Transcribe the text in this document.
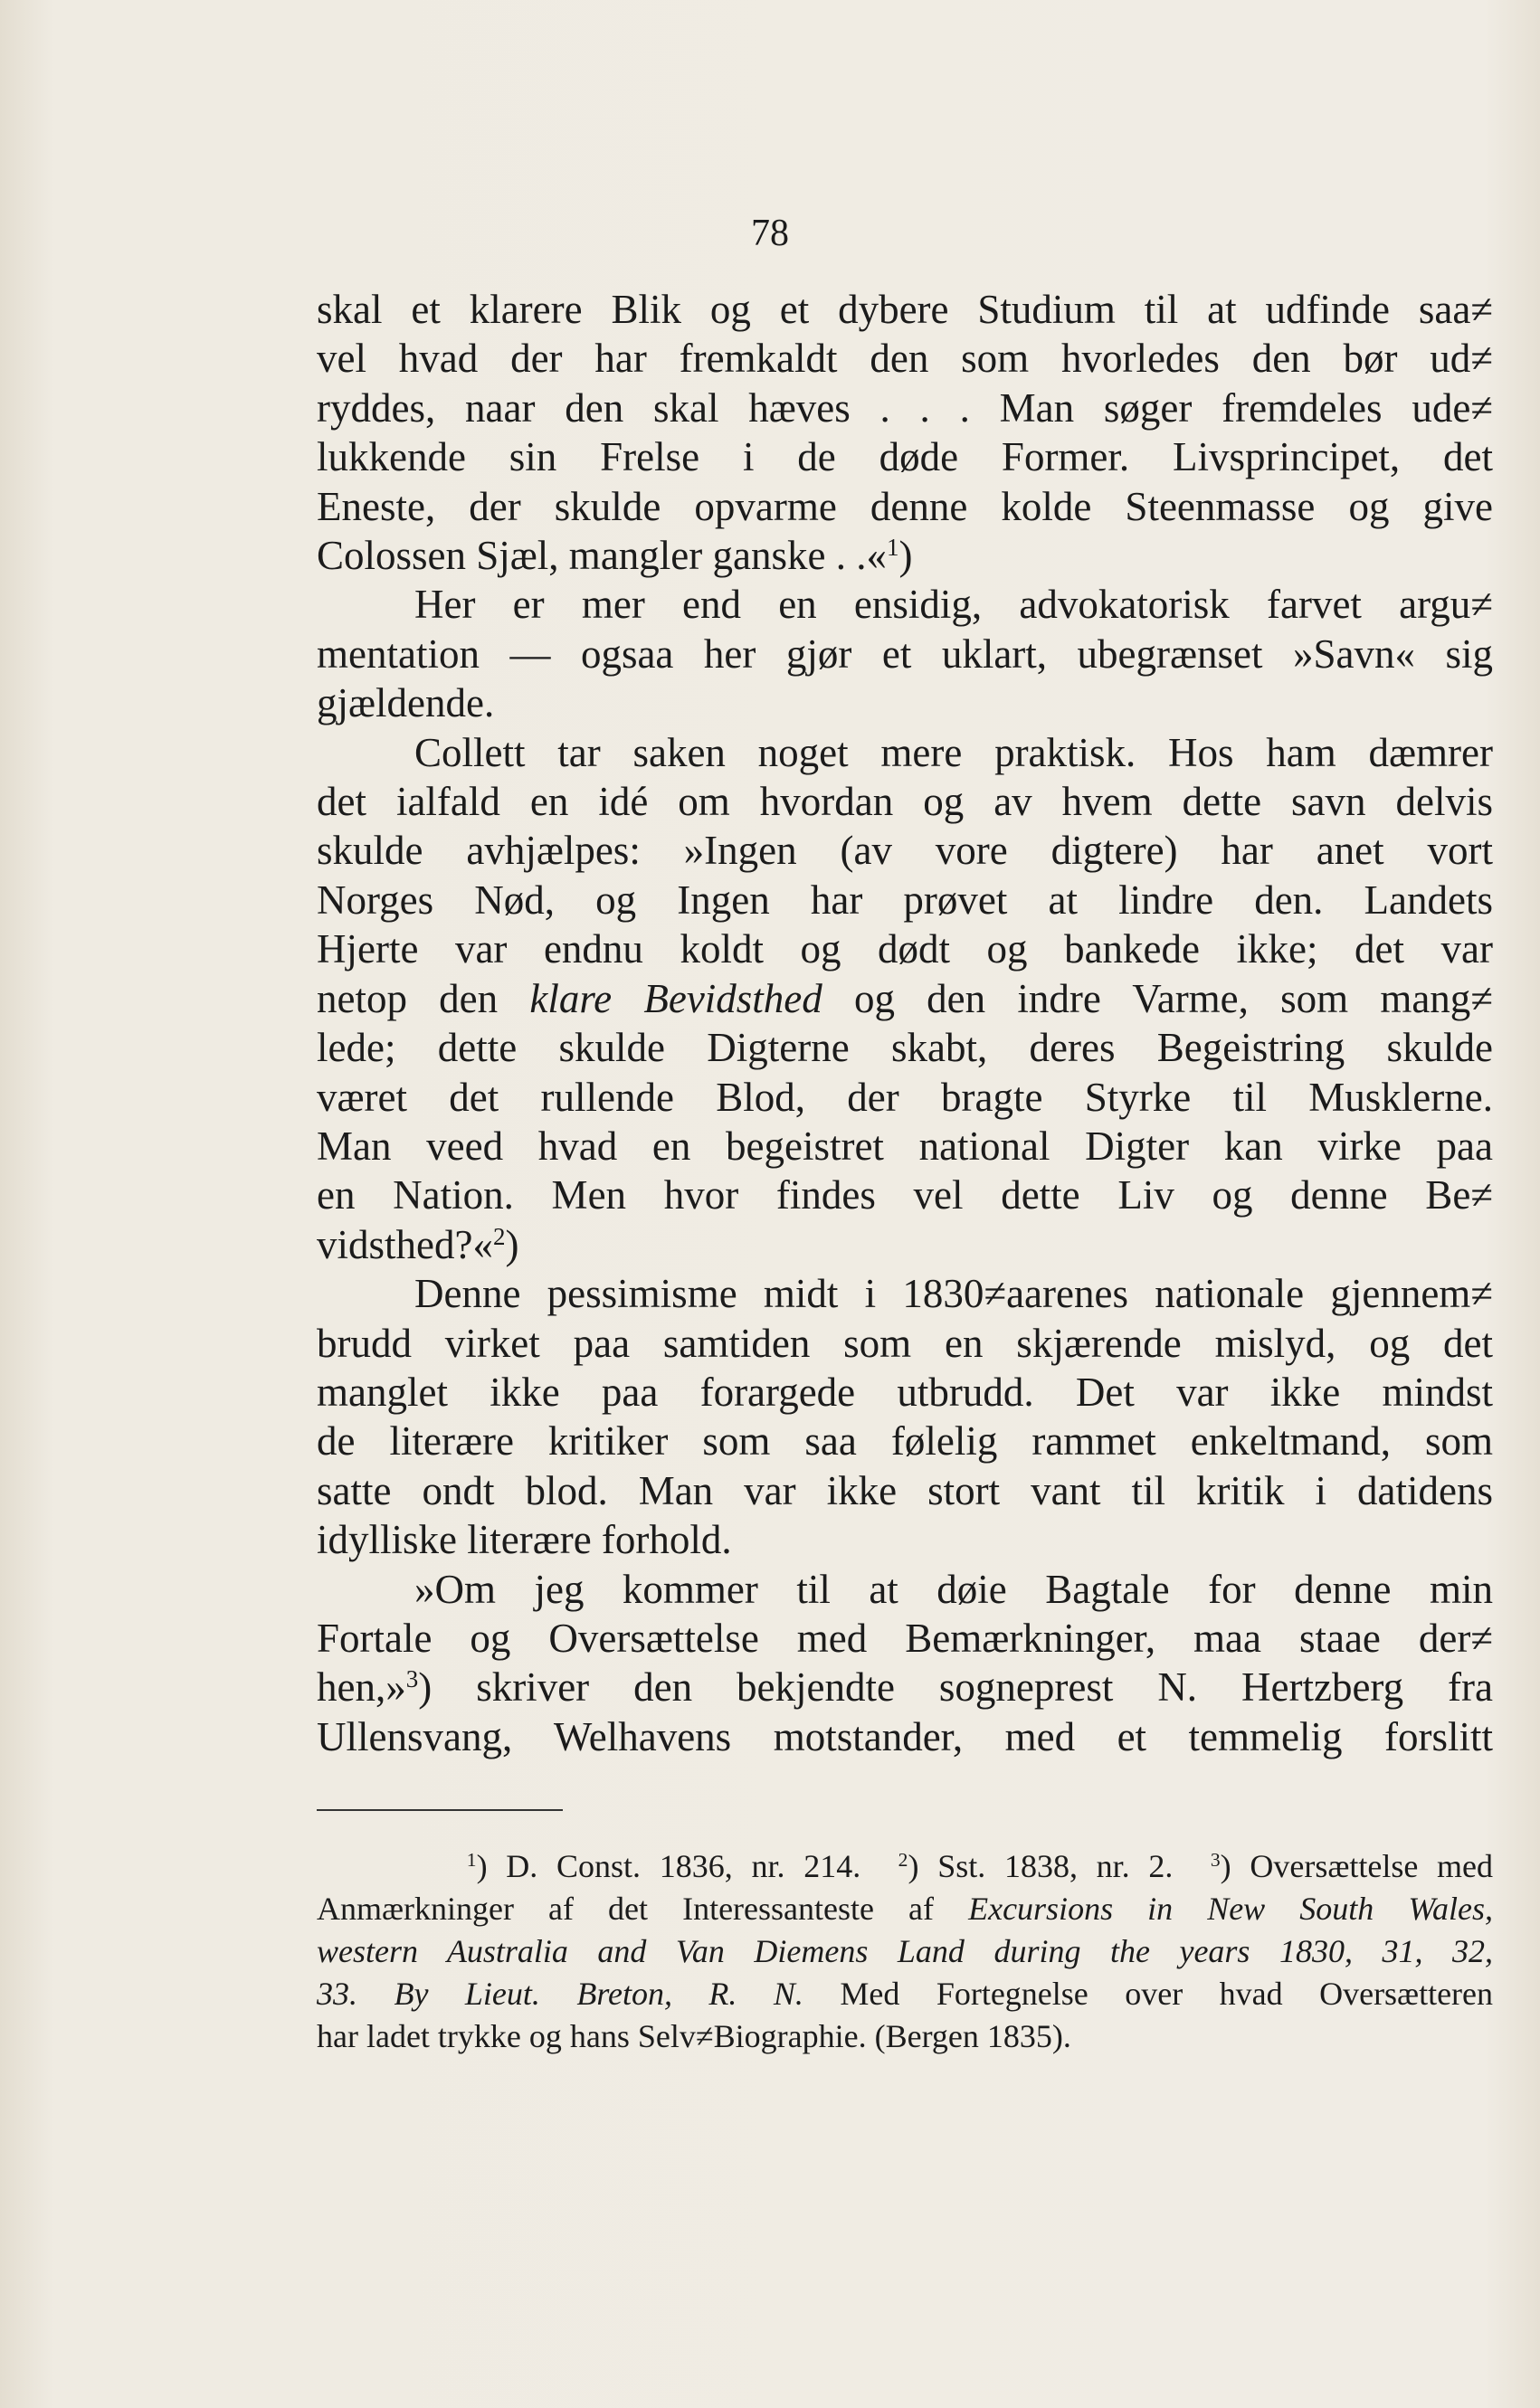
78
skal et klarere Blik og et dybere Studium til at udfinde saa≠
vel hvad der har fremkaldt den som hvorledes den bør ud≠
ryddes, naar den skal hæves . . . Man søger fremdeles ude≠
lukkende sin Frelse i de døde Former. Livsprincipet, det
Eneste, der skulde opvarme denne kolde Steenmasse og give
Colossen Sjæl, mangler ganske . .«$^1$)
Her er mer end en ensidig, advokatorisk farvet argu≠
mentation — ogsaa her gjør et uklart, ubegrænset »Savn« sig
gjældende.
Collett tar saken noget mere praktisk. Hos ham dæmrer
det ialfald en idé om hvordan og av hvem dette savn delvis
skulde avhjælpes: »Ingen (av vore digtere) har anet vort
Norges Nød, og Ingen har prøvet at lindre den. Landets
Hjerte var endnu koldt og dødt og bankede ikke; det var
netop den klare Bevidsthed og den indre Varme, som mang≠
lede; dette skulde Digterne skabt, deres Begeistring skulde
været det rullende Blod, der bragte Styrke til Musklerne.
Man veed hvad en begeistret national Digter kan virke paa
en Nation. Men hvor findes vel dette Liv og denne Be≠
vidsthed?«$^2$)
Denne pessimisme midt i 1830≠aarenes nationale gjennem≠
brudd virket paa samtiden som en skjærende mislyd, og det
manglet ikke paa forargede utbrudd. Det var ikke mindst
de literære kritiker som saa følelig rammet enkeltmand, som
satte ondt blod. Man var ikke stort vant til kritik i datidens
idylliske literære forhold.
»Om jeg kommer til at døie Bagtale for denne min
Fortale og Oversættelse med Bemærkninger, maa staae der≠
hen,»$^3$) skriver den bekjendte sogneprest N. Hertzberg fra
Ullensvang, Welhavens motstander, med et temmelig forslitt
$^1$) D. Const. 1836, nr. 214. $^2$) Sst. 1838, nr. 2. $^3$) Oversættelse med
Anmærkninger af det Interessanteste af Excursions in New South Wales,
western Australia and Van Diemens Land during the years 1830, 31, 32,
33. By Lieut. Breton, R. N. Med Fortegnelse over hvad Oversætteren
har ladet trykke og hans Selv≠Biographie. (Bergen 1835).
